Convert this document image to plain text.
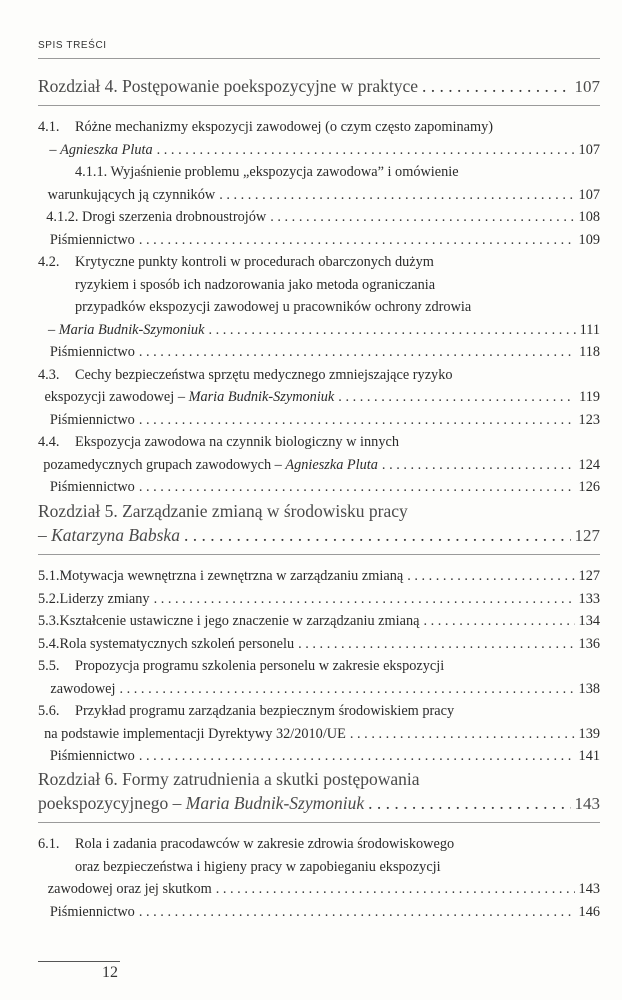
SPIS TREŚCI
Rozdział 4. Postępowanie poekspozycyjne w praktyce . . .	107
4.1.	Różne mechanizmy ekspozycji zawodowej (o czym często zapominamy)
– Agnieszka Pluta . . .	107
4.1.1. Wyjaśnienie problemu „ekspozycja zawodowa” i omówienie
warunkujących ją czynników . . .	107
4.1.2. Drogi szerzenia drobnoustrojów . . .	108
Piśmiennictwo . . .	109
4.2.	Krytyczne punkty kontroli w procedurach obarczonych dużym
ryzykiem i sposób ich nadzorowania jako metoda ograniczania
przypadków ekspozycji zawodowej u pracowników ochrony zdrowia
– Maria Budnik-Szymoniuk . . .	111
Piśmiennictwo . . .	118
4.3.	Cechy bezpieczeństwa sprzętu medycznego zmniejszające ryzyko
ekspozycji zawodowej – Maria Budnik-Szymoniuk . . .	119
Piśmiennictwo . . .	123
4.4.	Ekspozycja zawodowa na czynnik biologiczny w innych
pozamedycznych grupach zawodowych – Agnieszka Pluta . . .	124
Piśmiennictwo . . .	126
Rozdział 5. Zarządzanie zmianą w środowisku pracy
– Katarzyna Babska . . .	127
5.1. Motywacja wewnętrzna i zewnętrzna w zarządzaniu zmianą . . .	127
5.2. Liderzy zmiany . . .	133
5.3. Kształcenie ustawiczne i jego znaczenie w zarządzaniu zmianą . . .	134
5.4. Rola systematycznych szkoleń personelu . . .	136
5.5.	Propozycja programu szkolenia personelu w zakresie ekspozycji
zawodowej . . .	138
5.6.	Przykład programu zarządzania bezpiecznym środowiskiem pracy
na podstawie implementacji Dyrektywy 32/2010/UE . . .	139
Piśmiennictwo . . .	141
Rozdział 6. Formy zatrudnienia a skutki postępowania
poekspozycyjnego – Maria Budnik-Szymoniuk . . .	143
6.1.	Rola i zadania pracodawców w zakresie zdrowia środowiskowego
oraz bezpieczeństwa i higieny pracy w zapobieganiu ekspozycji
zawodowej oraz jej skutkom . . .	143
Piśmiennictwo . . .	146
12
